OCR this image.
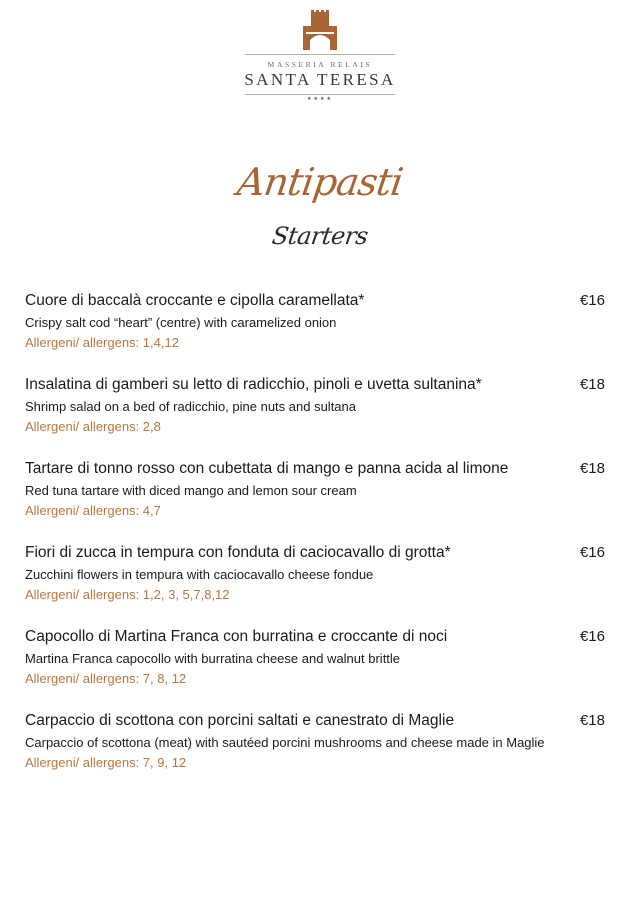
MASSERIA RELAIS
SANTA TERESA
★★★★
Antipasti
Starters
Cuore di baccalà croccante e cipolla caramellata*
Crispy salt cod “heart” (centre) with caramelized onion
Allergeni/ allergens: 1,4,12
€16
Insalatina di gamberi su letto di radicchio, pinoli e uvetta sultanina*
Shrimp salad on a bed of radicchio, pine nuts and sultana
Allergeni/ allergens: 2,8
€18
Tartare di tonno rosso con cubettata di mango e panna acida al limone
Red tuna tartare with diced mango and lemon sour cream
Allergeni/ allergens: 4,7
€18
Fiori di zucca in tempura con fonduta di caciocavallo di grotta*
Zucchini flowers in tempura with caciocavallo cheese fondue
Allergeni/ allergens: 1,2, 3, 5,7,8,12
€16
Capocollo di Martina Franca con burratina e croccante di noci
Martina Franca capocollo with burratina cheese and walnut brittle
Allergeni/ allergens: 7, 8, 12
€16
Carpaccio di scottona con porcini saltati e canestrato di Maglie
Carpaccio of scottona (meat) with sautéed porcini mushrooms and cheese made in Maglie
Allergeni/ allergens: 7, 9, 12
€18
